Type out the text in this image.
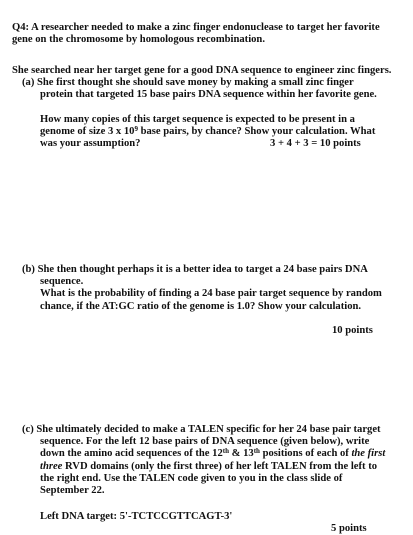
Q4: A researcher needed to make a zinc finger endonuclease to target her favorite
gene on the chromosome by homologous recombination.
She searched near her target gene for a good DNA sequence to engineer zinc fingers.
(a) She first thought she should save money by making a small zinc finger
protein that targeted 15 base pairs DNA sequence within her favorite gene.
How many copies of this target sequence is expected to be present in a
genome of size 3 x $10^9$ base pairs, by chance? Show your calculation. What
was your assumption?	3 + 4 + 3 = 10 points
(b) She then thought perhaps it is a better idea to target a 24 base pairs DNA
sequence.
What is the probability of finding a 24 base pair target sequence by random
chance, if the AT:GC ratio of the genome is 1.0? Show your calculation.
10 points
(c) She ultimately decided to make a TALEN specific for her 24 base pair target
sequence. For the left 12 base pairs of DNA sequence (given below), write
down the amino acid sequences of the 12th & 13th positions of each of the first
three RVD domains (only the first three) of her left TALEN from the left to
the right end. Use the TALEN code given to you in the class slide of
September 22.
Left DNA target: 5'-TCTCCGTTCAGT-3'
5 points
